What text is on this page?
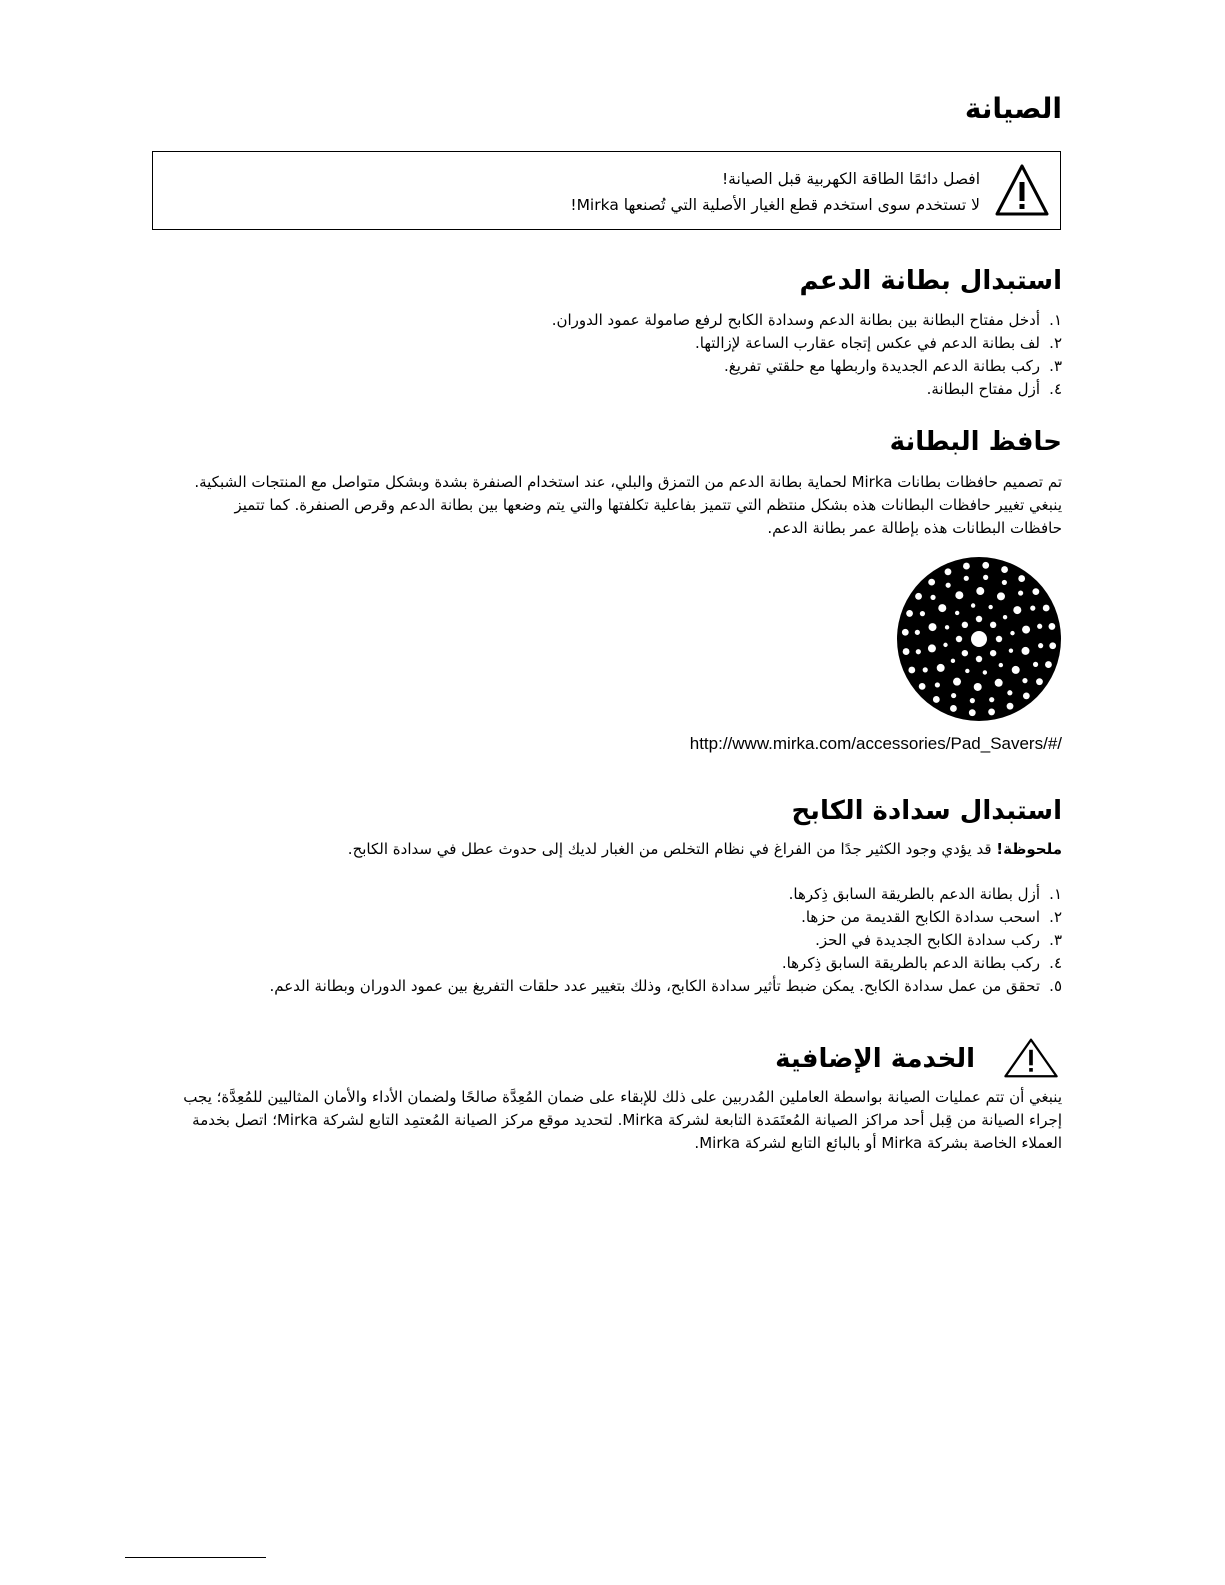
الصيانة
افصل دائمًا الطاقة الكهربية قبل الصيانة!
لا تستخدم سوى استخدم قطع الغيار الأصلية التي تُصنعها Mirka!
استبدال بطانة الدعم
١.أدخل مفتاح البطانة بين بطانة الدعم وسدادة الكابح لرفع صامولة عمود الدوران.
٢.لف بطانة الدعم في عكس إتجاه عقارب الساعة لإزالتها.
٣.ركب بطانة الدعم الجديدة واربطها مع حلقتي تفريغ.
٤.أزل مفتاح البطانة.
حافظ البطانة

تم تصميم حافظات بطانات Mirka لحماية بطانة الدعم من التمزق والبلي، عند استخدام الصنفرة بشدة وبشكل متواصل مع المنتجات الشبكية. ينبغي تغيير حافظات البطانات هذه بشكل منتظم التي تتميز بفاعلية تكلفتها والتي يتم وضعها بين بطانة الدعم وقرص الصنفرة. كما تتميز حافظات البطانات هذه بإطالة عمر بطانة الدعم.

http://www.mirka.com/accessories/Pad_Savers/#/
استبدال سدادة الكابح

ملحوظة! قد يؤدي وجود الكثير جدًا من الفراغ في نظام التخلص من الغبار لديك إلى حدوث عطل في سدادة الكابح.

١.أزل بطانة الدعم بالطريقة السابق ذِكرها.
٢.اسحب سدادة الكابح القديمة من حزها.
٣.ركب سدادة الكابح الجديدة في الحز.
٤.ركب بطانة الدعم بالطريقة السابق ذِكرها.
٥.تحقق من عمل سدادة الكابح. يمكن ضبط تأثير سدادة الكابح، وذلك بتغيير عدد حلقات التفريغ بين عمود الدوران وبطانة الدعم.
الخدمة الإضافية

ينبغي أن تتم عمليات الصيانة بواسطة العاملين المُدربين على ذلك للإبقاء على ضمان المُعِدَّة صالحًا ولضمان الأداء والأمان المثاليين للمُعِدَّة؛ يجب إجراء الصيانة من قِبل أحد مراكز الصيانة المُعتَمَدة التابعة لشركة Mirka. لتحديد موقع مركز الصيانة المُعتمِد التابع لشركة Mirka؛ اتصل بخدمة العملاء الخاصة بشركة Mirka أو بالبائع التابع لشركة Mirka.
